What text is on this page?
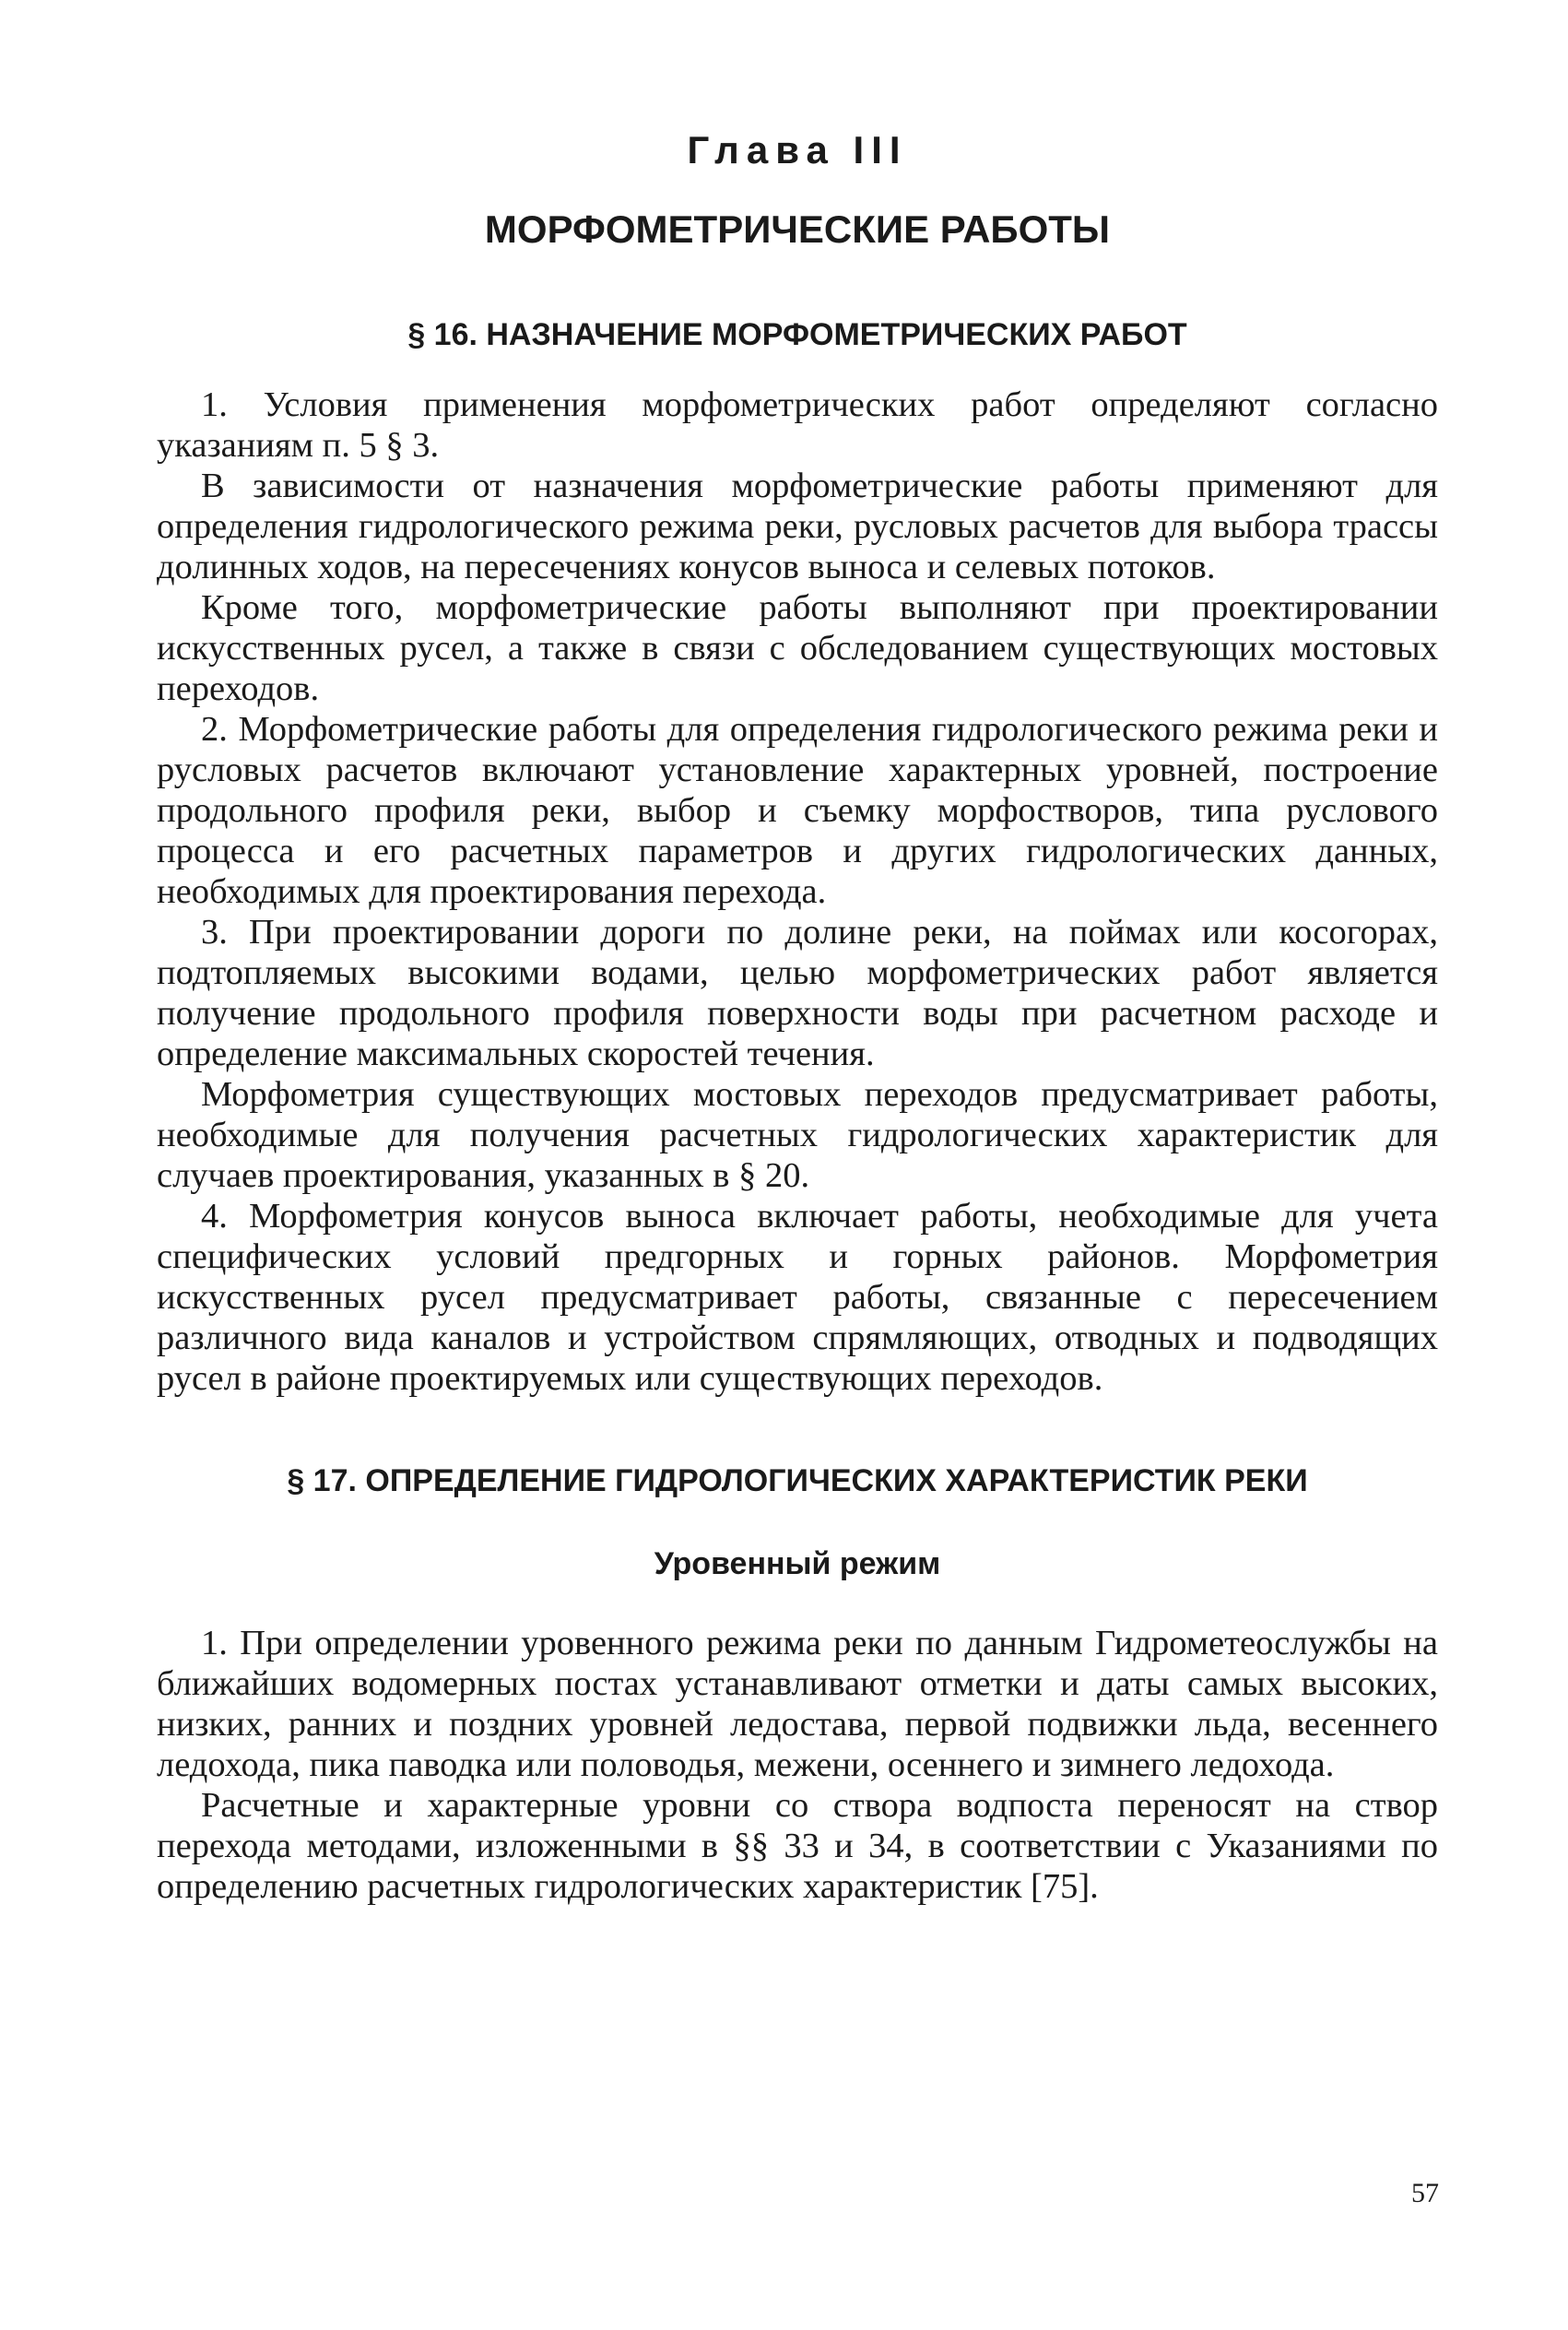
Глава III
МОРФОМЕТРИЧЕСКИЕ РАБОТЫ
§ 16. НАЗНАЧЕНИЕ МОРФОМЕТРИЧЕСКИХ РАБОТ

1. Условия применения морфометрических работ определяют согласно указаниям п. 5 § 3.

В зависимости от назначения морфометрические работы применяют для определения гидрологического режима реки, русловых расчетов для выбора трассы долинных ходов, на пересечениях конусов выноса и селевых потоков.

Кроме того, морфометрические работы выполняют при проектировании искусственных русел, а также в связи с обследованием существующих мостовых переходов.

2. Морфометрические работы для определения гидрологического режима реки и русловых расчетов включают установление характерных уровней, построение продольного профиля реки, выбор и съемку морфостворов, типа руслового процесса и его расчетных параметров и других гидрологических данных, необходимых для проектирования перехода.

3. При проектировании дороги по долине реки, на поймах или косогорах, подтопляемых высокими водами, целью морфометрических работ является получение продольного профиля поверхности воды при расчетном расходе и определение максимальных скоростей течения.

Морфометрия существующих мостовых переходов предусматривает работы, необходимые для получения расчетных гидрологических характеристик для случаев проектирования, указанных в § 20.

4. Морфометрия конусов выноса включает работы, необходимые для учета специфических условий предгорных и горных районов. Морфометрия искусственных русел предусматривает работы, связанные с пересечением различного вида каналов и устройством спрямляющих, отводных и подводящих русел в районе проектируемых или существующих переходов.

§ 17. ОПРЕДЕЛЕНИЕ ГИДРОЛОГИЧЕСКИХ ХАРАКТЕРИСТИК РЕКИ
Уровенный режим

1. При определении уровенного режима реки по данным Гидрометеослужбы на ближайших водомерных постах устанавливают отметки и даты самых высоких, низких, ранних и поздних уровней ледостава, первой подвижки льда, весеннего ледохода, пика паводка или половодья, межени, осеннего и зимнего ледохода.

Расчетные и характерные уровни со створа водпоста переносят на створ перехода методами, изложенными в §§ 33 и 34, в соответствии с Указаниями по определению расчетных гидрологических характеристик [75].

57
